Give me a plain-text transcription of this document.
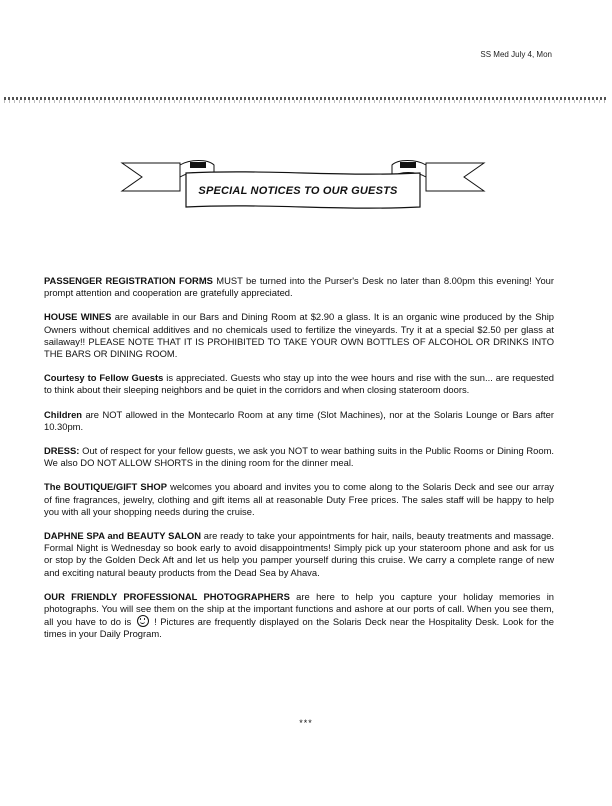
SS Med July 4, Mon
SPECIAL NOTICES TO OUR GUESTS

PASSENGER REGISTRATION FORMS MUST be turned into the Purser's Desk no later than 8.00pm this evening! Your prompt attention and cooperation are gratefully appreciated.

HOUSE WINES are available in our Bars and Dining Room at $2.90 a glass. It is an organic wine produced by the Ship Owners without chemical additives and no chemicals used to fertilize the vineyards. Try it at a special $2.50 per glass at sailaway!! PLEASE NOTE THAT IT IS PROHIBITED TO TAKE YOUR OWN BOTTLES OF ALCOHOL OR DRINKS INTO THE BARS OR DINING ROOM.

Courtesy to Fellow Guests is appreciated. Guests who stay up into the wee hours and rise with the sun... are requested to think about their sleeping neighbors and be quiet in the corridors and when closing stateroom doors.

Children are NOT allowed in the Montecarlo Room at any time (Slot Machines), nor at the Solaris Lounge or Bars after 10.30pm.

DRESS: Out of respect for your fellow guests, we ask you NOT to wear bathing suits in the Public Rooms or Dining Room. We also DO NOT ALLOW SHORTS in the dining room for the dinner meal.

The BOUTIQUE/GIFT SHOP welcomes you aboard and invites you to come along to the Solaris Deck and see our array of fine fragrances, jewelry, clothing and gift items all at reasonable Duty Free prices. The sales staff will be happy to help you with all your shopping needs during the cruise.

DAPHNE SPA and BEAUTY SALON are ready to take your appointments for hair, nails, beauty treatments and massage. Formal Night is Wednesday so book early to avoid disappointments! Simply pick up your stateroom phone and ask for us or stop by the Golden Deck Aft and let us help you pamper yourself during this cruise. We carry a complete range of new and exciting natural beauty products from the Dead Sea by Ahava.

OUR FRIENDLY PROFESSIONAL PHOTOGRAPHERS are here to help you capture your holiday memories in photographs. You will see them on the ship at the important functions and ashore at our ports of call. When you see them, all you have to do is  ! Pictures are frequently displayed on the Solaris Deck near the Hospitality Desk. Look for the times in your Daily Program.

***
